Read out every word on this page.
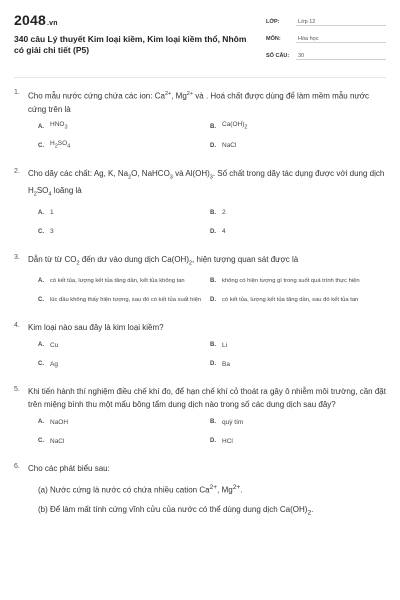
2048.vn
340 câu Lý thuyết Kim loại kiềm, Kim loại kiềm thổ, Nhôm có giải chi tiết (P5)
LỚP:	Lớp 12
MÔN:	Hóa học
SỐ CÂU:	30
1.	Cho mẫu nước cứng chứa các ion: $Ca^{2+}$, $Mg^{2+}$ và . Hoá chất được dùng để làm mềm mẫu nước cứng trên là
A. $HNO_3$	B. $Ca(OH)_2$
C. $H_2SO_4$	D. NaCl
2.	Cho dãy các chất: Ag, K, $Na_2O$, NaHCO$_3$ và $Al(OH)_3$. Số chất trong dãy tác dụng được với dung dịch $H_2SO_4$ loãng là
A. 1	B. 2
C. 3	D. 4
3.	Dẫn từ từ $CO_2$ đến dư vào dung dịch $Ca(OH)_2$, hiện tượng quan sát được là
A.	có kết tủa, lượng kết tủa tăng dần, kết tủa không tan	B.	không có hiện tượng gì trong suốt quá trình thực hiện
C.	lúc đầu không thấy hiện tượng, sau đó có kết tủa xuất hiện D.	có kết tủa, lượng kết tủa tăng dần, sau đó kết tủa tan
4.	Kim loại nào sau đây là kim loại kiềm?
A. Cu	B. Li
C. Ag	D. Ba
5.	Khi tiến hành thí nghiệm điều chế khí đo, để hạn chế khí cỏ thoát ra gây ô nhiễm môi trường, cần đặt trên miệng bình thu một mẩu bông tẩm dung dịch nào trong số các dung dịch sau đây?
A. NaOH	B. quỳ tím
C. NaCl	D. HCl
6.	Cho các phát biểu sau:
(a) Nước cứng là nước có chứa nhiều cation $Ca^{2+}$, $Mg^{2+}$.
(b) Để làm mất tính cứng vĩnh cửu của nước có thể dùng dung dịch $Ca(OH)_2$.
